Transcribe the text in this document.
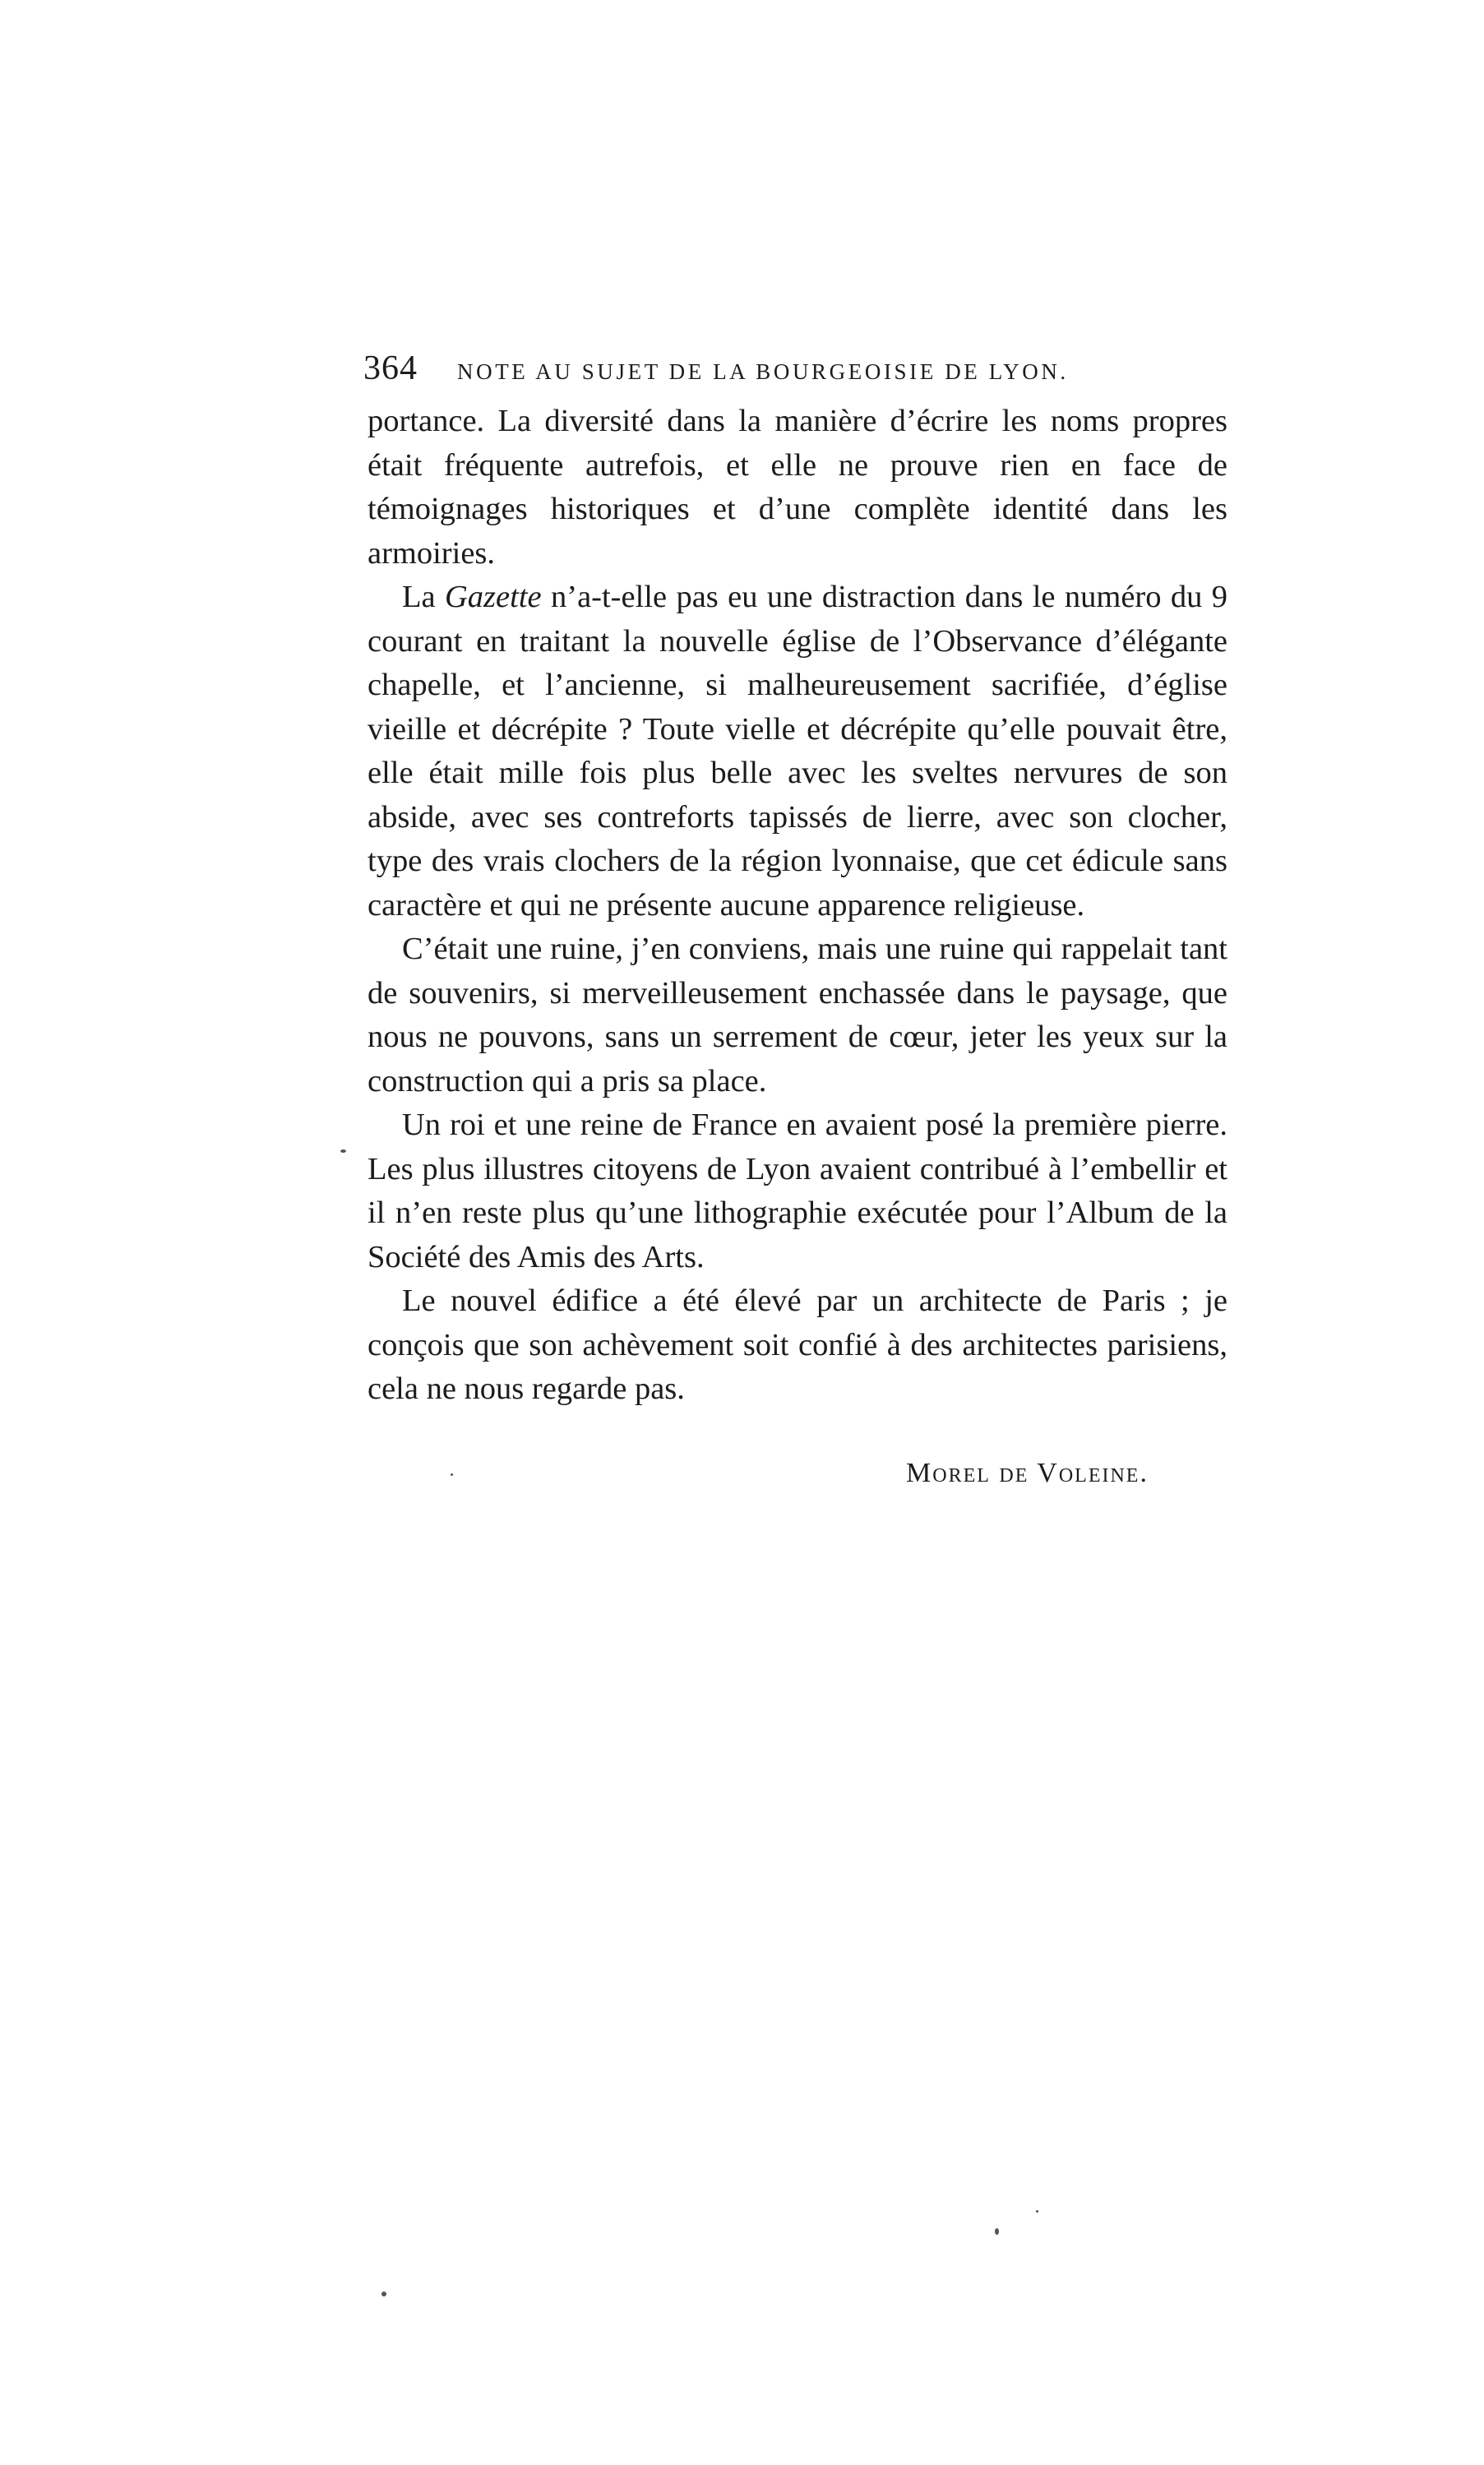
364 NOTE AU SUJET DE LA BOURGEOISIE DE LYON.

portance. La diversité dans la manière d’écrire les noms propres était fréquente autrefois, et elle ne prouve rien en face de témoignages historiques et d’une complète identité dans les armoiries.

La Gazette n’a-t-elle pas eu une distraction dans le numéro du 9 courant en traitant la nouvelle église de l’Observance d’élégante chapelle, et l’ancienne, si malheureusement sacrifiée, d’église vieille et décrépite ? Toute vielle et décrépite qu’elle pouvait être, elle était mille fois plus belle avec les sveltes nervures de son abside, avec ses contreforts tapissés de lierre, avec son clocher, type des vrais clochers de la région lyonnaise, que cet édicule sans caractère et qui ne présente aucune apparence religieuse.

C’était une ruine, j’en conviens, mais une ruine qui rappelait tant de souvenirs, si merveilleusement enchassée dans le paysage, que nous ne pouvons, sans un serrement de cœur, jeter les yeux sur la construction qui a pris sa place.

Un roi et une reine de France en avaient posé la première pierre. Les plus illustres citoyens de Lyon avaient contribué à l’embellir et il n’en reste plus qu’une lithographie exécutée pour l’Album de la Société des Amis des Arts.

Le nouvel édifice a été élevé par un architecte de Paris ; je conçois que son achèvement soit confié à des architectes parisiens, cela ne nous regarde pas.

Morel de Voleine.
